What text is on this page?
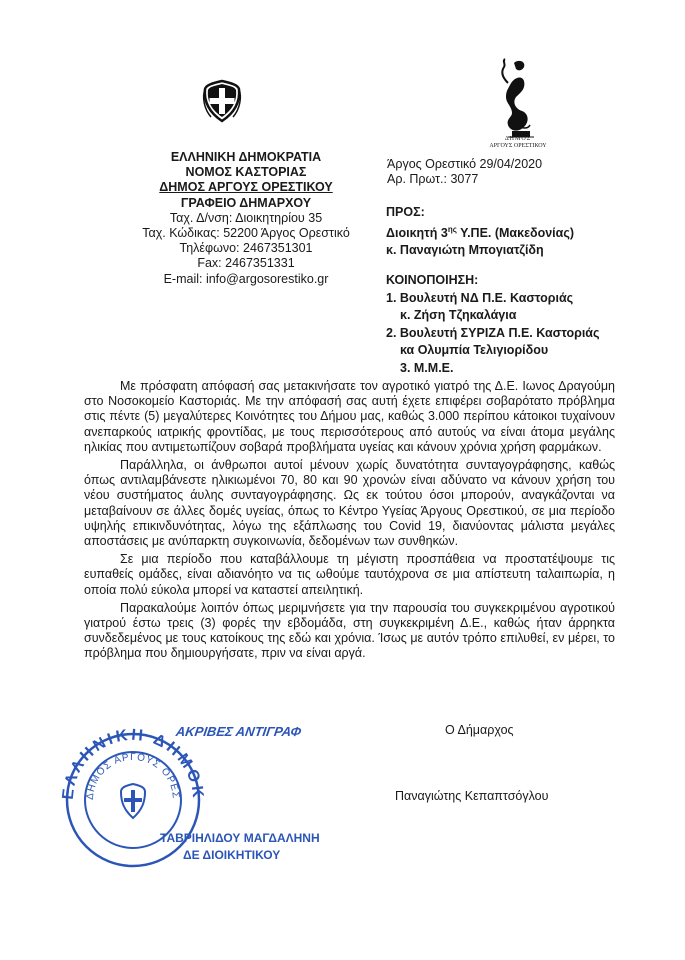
ΔΗΜΟΣ
ΑΡΓΟΥΣ ΟΡΕΣΤΙΚΟΥ
ΕΛΛΗΝΙΚΗ ΔΗΜΟΚΡΑΤΙΑ
ΝΟΜΟΣ ΚΑΣΤΟΡΙΑΣ
ΔΗΜΟΣ ΑΡΓΟΥΣ ΟΡΕΣΤΙΚΟΥ
ΓΡΑΦΕΙΟ ΔΗΜΑΡΧΟΥ
Ταχ. Δ/νση: Διοικητηρίου 35
Ταχ. Κώδικας: 52200 Άργος Ορεστικό
Τηλέφωνο: 2467351301
Fax: 2467351331
E-mail: info@argosorestiko.gr
Άργος Ορεστικό 29/04/2020
Αρ. Πρωτ.: 3077
ΠΡΟΣ:
Διοικητή $3^{\eta\varsigma}$ Υ.ΠΕ. (Μακεδονίας)
κ. Παναγιώτη Μπογιατζίδη
ΚΟΙΝΟΠΟΙΗΣΗ:
1. Βουλευτή ΝΔ Π.Ε. Καστοριάς
κ. Ζήση Τζηκαλάγια
2. Βουλευτή ΣΥΡΙΖΑ Π.Ε. Καστοριάς
κα Ολυμπία Τελιγιορίδου
3. Μ.Μ.Ε.

Με πρόσφατη απόφασή σας μετακινήσατε τον αγροτικό γιατρό της Δ.Ε. Ιωνος Δραγούμη στο Νοσοκομείο Καστοριάς. Με την απόφασή σας αυτή έχετε επιφέρει σοβαρότατο πρόβλημα στις πέντε (5) μεγαλύτερες Κοινότητες του Δήμου μας, καθώς 3.000 περίπου κάτοικοι τυχαίνουν ανεπαρκούς ιατρικής φροντίδας, με τους περισσότερους από αυτούς να είναι άτομα μεγάλης ηλικίας που αντιμετωπίζουν σοβαρά προβλήματα υγείας και κάνουν χρόνια χρήση φαρμάκων.

Παράλληλα, οι άνθρωποι αυτοί μένουν χωρίς δυνατότητα συνταγογράφησης, καθώς όπως αντιλαμβάνεστε ηλικιωμένοι 70, 80 και 90 χρονών είναι αδύνατο να κάνουν χρήση του νέου συστήματος άυλης συνταγογράφησης. Ως εκ τούτου όσοι μπορούν, αναγκάζονται να μεταβαίνουν σε άλλες δομές υγείας, όπως το Κέντρο Υγείας Άργους Ορεστικού, σε μια περίοδο υψηλής επικινδυνότητας, λόγω της εξάπλωσης του Covid 19, διανύοντας μάλιστα μεγάλες αποστάσεις με ανύπαρκτη συγκοινωνία, δεδομένων των συνθηκών.

Σε μια περίοδο που καταβάλλουμε τη μέγιστη προσπάθεια να προστατέψουμε τις ευπαθείς ομάδες, είναι αδιανόητο να τις ωθούμε ταυτόχρονα σε μια απίστευτη ταλαιπωρία, η οποία πολύ εύκολα μπορεί να καταστεί απειλητική.

Παρακαλούμε λοιπόν όπως μεριμνήσετε για την παρουσία του συγκεκριμένου αγροτικού γιατρού έστω τρεις (3) φορές την εβδομάδα, στη συγκεκριμένη Δ.Ε., καθώς ήταν άρρηκτα συνδεδεμένος με τους κατοίκους της εδώ και χρόνια. Ίσως με αυτόν τρόπο επιλυθεί, εν μέρει, το πρόβλημα που δημιουργήσατε, πριν να είναι αργά.

Ο Δήμαρχος
Παναγιώτης Κεπαπτσόγλου
ΕΛΛΗΝΙΚΗ ΔΗΜΟΚ
ΔΗΜΟΣ ΑΡΓΟΥΣ ΟΡΕΣ
ΑΚΡΙΒΕΣ ΑΝΤΙΓΡΑΦ
ΤΑΒΡΙΗΛΙΔΟΥ ΜΑΓΔΑΛΗΝΗ
ΔΕ ΔΙΟΙΚΗΤΙΚΟΥ
